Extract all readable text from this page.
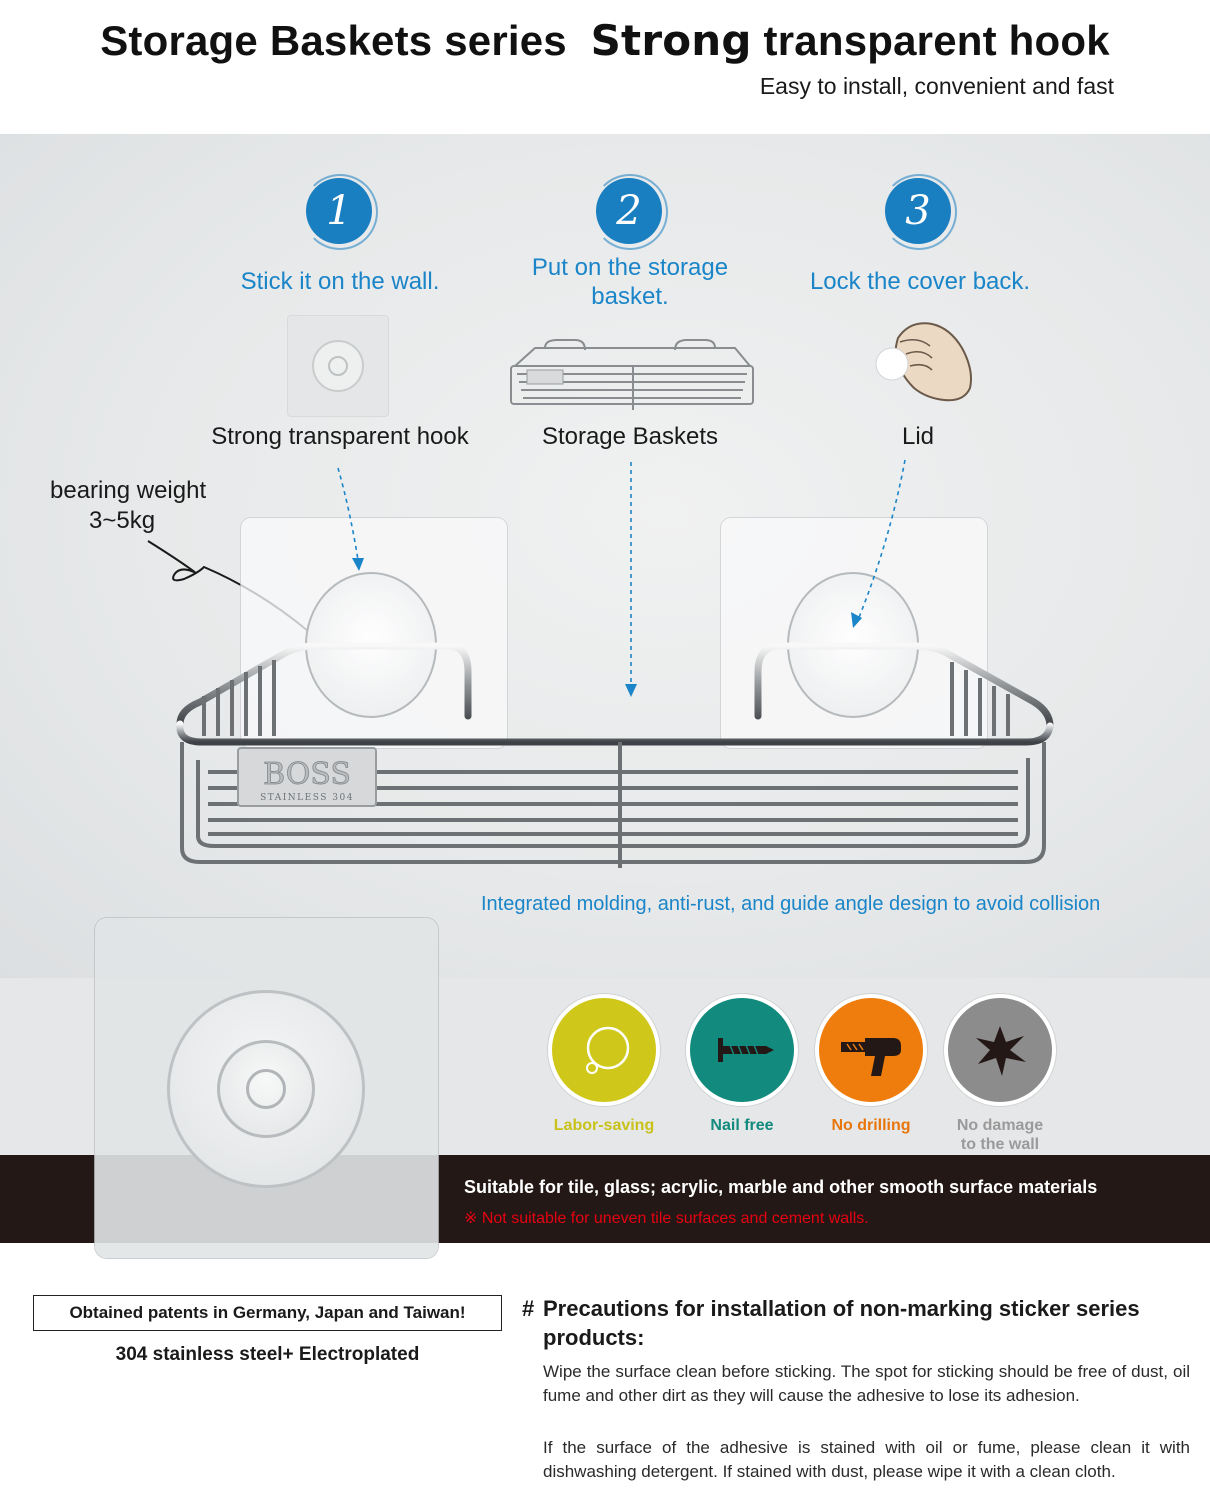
Storage Baskets series Strong transparent hook
Easy to install, convenient and fast
1
Stick it on the wall.
Strong transparent hook
2
Put on the storage basket.
Storage Baskets
3
Lock the cover back.
Lid
bearing weight
3~5kg
BOSS
STAINLESS 304
Integrated molding, anti-rust, and guide angle design to avoid collision
Labor-saving	Nail free	No drilling	No damage to the wall
Suitable for tile, glass; acrylic, marble and other smooth surface materials
※ Not suitable for uneven tile surfaces and cement walls.
Obtained patents in Germany, Japan and Taiwan!
304 stainless steel+ Electroplated
# Precautions for installation of non-marking sticker series products:
Wipe the surface clean before sticking. The spot for sticking should be free of dust, oil fume and other dirt as they will cause the adhesive to lose its adhesion.
If the surface of the adhesive is stained with oil or fume, please clean it with dishwashing detergent. If stained with dust, please wipe it with a clean cloth.
